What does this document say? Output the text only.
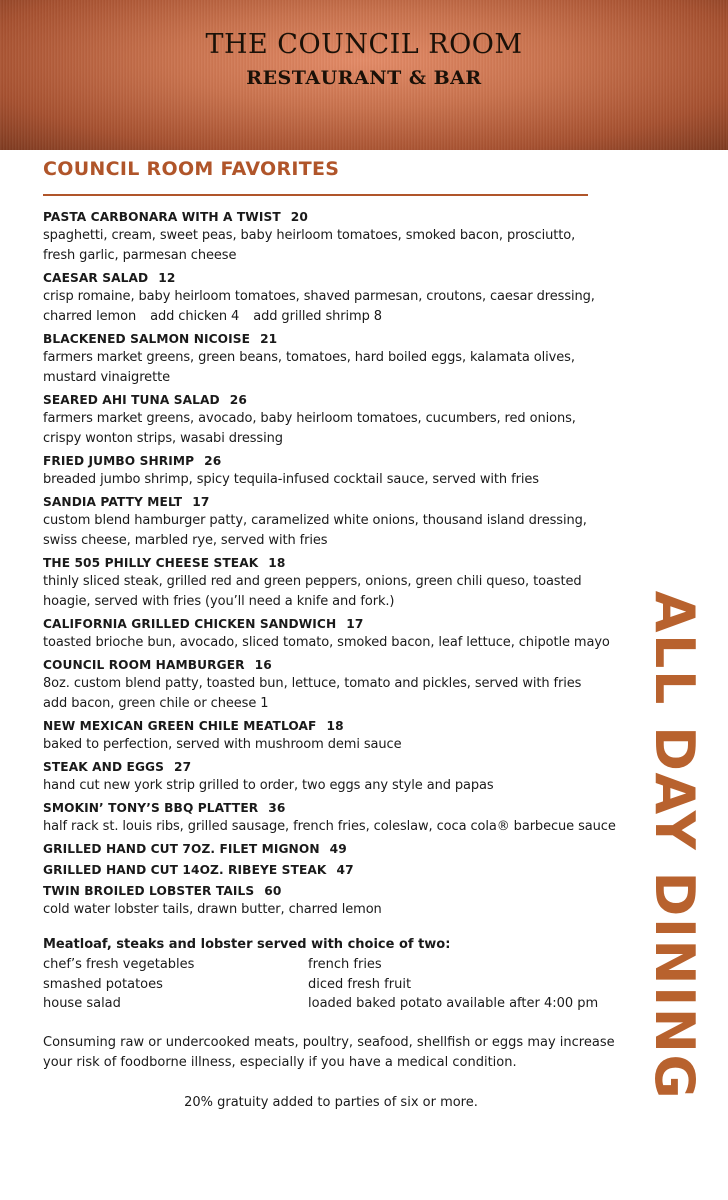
THE COUNCIL ROOM
RESTAURANT & BAR
COUNCIL ROOM FAVORITES
PASTA CARBONARA WITH A TWIST 20
spaghetti, cream, sweet peas, baby heirloom tomatoes, smoked bacon, prosciutto,
fresh garlic, parmesan cheese
CAESAR SALAD 12
crisp romaine, baby heirloom tomatoes, shaved parmesan, croutons, caesar dressing,
charred lemon add chicken 4 add grilled shrimp 8
BLACKENED SALMON NICOISE 21
farmers market greens, green beans, tomatoes, hard boiled eggs, kalamata olives,
mustard vinaigrette
SEARED AHI TUNA SALAD 26
farmers market greens, avocado, baby heirloom tomatoes, cucumbers, red onions,
crispy wonton strips, wasabi dressing
FRIED JUMBO SHRIMP 26
breaded jumbo shrimp, spicy tequila-infused cocktail sauce, served with fries
SANDIA PATTY MELT 17
custom blend hamburger patty, caramelized white onions, thousand island dressing,
swiss cheese, marbled rye, served with fries
THE 505 PHILLY CHEESE STEAK 18
thinly sliced steak, grilled red and green peppers, onions, green chili queso, toasted
hoagie, served with fries (you’ll need a knife and fork.)
CALIFORNIA GRILLED CHICKEN SANDWICH 17
toasted brioche bun, avocado, sliced tomato, smoked bacon, leaf lettuce, chipotle mayo
COUNCIL ROOM HAMBURGER 16
8oz. custom blend patty, toasted bun, lettuce, tomato and pickles, served with fries
add bacon, green chile or cheese 1
NEW MEXICAN GREEN CHILE MEATLOAF 18
baked to perfection, served with mushroom demi sauce
STEAK AND EGGS 27
hand cut new york strip grilled to order, two eggs any style and papas
SMOKIN’ TONY’S BBQ PLATTER 36
half rack st. louis ribs, grilled sausage, french fries, coleslaw, coca cola® barbecue sauce
GRILLED HAND CUT 7OZ. FILET MIGNON 49
GRILLED HAND CUT 14OZ. RIBEYE STEAK 47
TWIN BROILED LOBSTER TAILS 60
cold water lobster tails, drawn butter, charred lemon
Meatloaf, steaks and lobster served with choice of two:
chef’s fresh vegetables	french fries
smashed potatoes	diced fresh fruit
house salad	loaded baked potato available after 4:00 pm
Consuming raw or undercooked meats, poultry, seafood, shellfish or eggs may increase your risk of foodborne illness, especially if you have a medical condition.
20% gratuity added to parties of six or more.
ALL DAY DINING
